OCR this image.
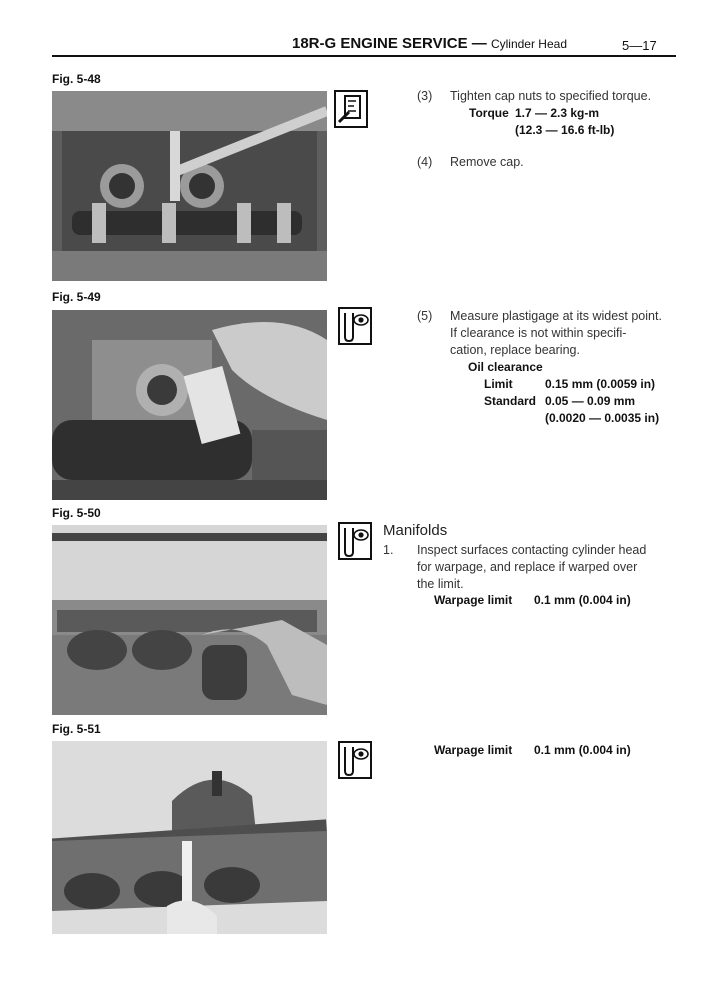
18R-G ENGINE SERVICE — Cylinder Head	5—17
Fig. 5-48
(3) Tighten cap nuts to specified torque.
Torque 1.7 — 2.3 kg-m
(12.3 — 16.6 ft-lb)
(4) Remove cap.
Fig. 5-49
(5) Measure plastigage at its widest point.
If clearance is not within specifi-
cation, replace bearing.
Oil clearance
Limit	0.15 mm (0.0059 in)
Standard 0.05 — 0.09 mm
(0.0020 — 0.0035 in)
Fig. 5-50
Manifolds
1. Inspect surfaces contacting cylinder head
for warpage, and replace if warped over
the limit.
Warpage limit 0.1 mm (0.004 in)
Fig. 5-51
Warpage limit 0.1 mm (0.004 in)
